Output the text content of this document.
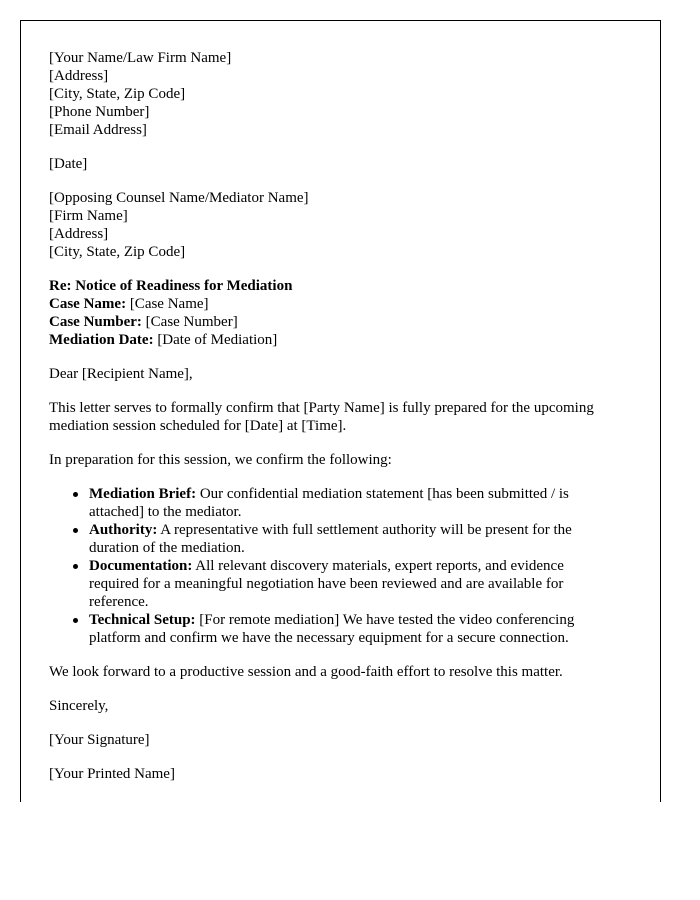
[Your Name/Law Firm Name]
[Address]
[City, State, Zip Code]
[Phone Number]
[Email Address]
[Date]
[Opposing Counsel Name/Mediator Name]
[Firm Name]
[Address]
[City, State, Zip Code]
Re: Notice of Readiness for Mediation
Case Name: [Case Name]
Case Number: [Case Number]
Mediation Date: [Date of Mediation]
Dear [Recipient Name],
This letter serves to formally confirm that [Party Name] is fully prepared for the upcoming
mediation session scheduled for [Date] at [Time].
In preparation for this session, we confirm the following:
Mediation Brief: Our confidential mediation statement [has been submitted / is
attached] to the mediator.
Authority: A representative with full settlement authority will be present for the
duration of the mediation.
Documentation: All relevant discovery materials, expert reports, and evidence
required for a meaningful negotiation have been reviewed and are available for
reference.
Technical Setup: [For remote mediation] We have tested the video conferencing
platform and confirm we have the necessary equipment for a secure connection.
We look forward to a productive session and a good-faith effort to resolve this matter.
Sincerely,
[Your Signature]
[Your Printed Name]
